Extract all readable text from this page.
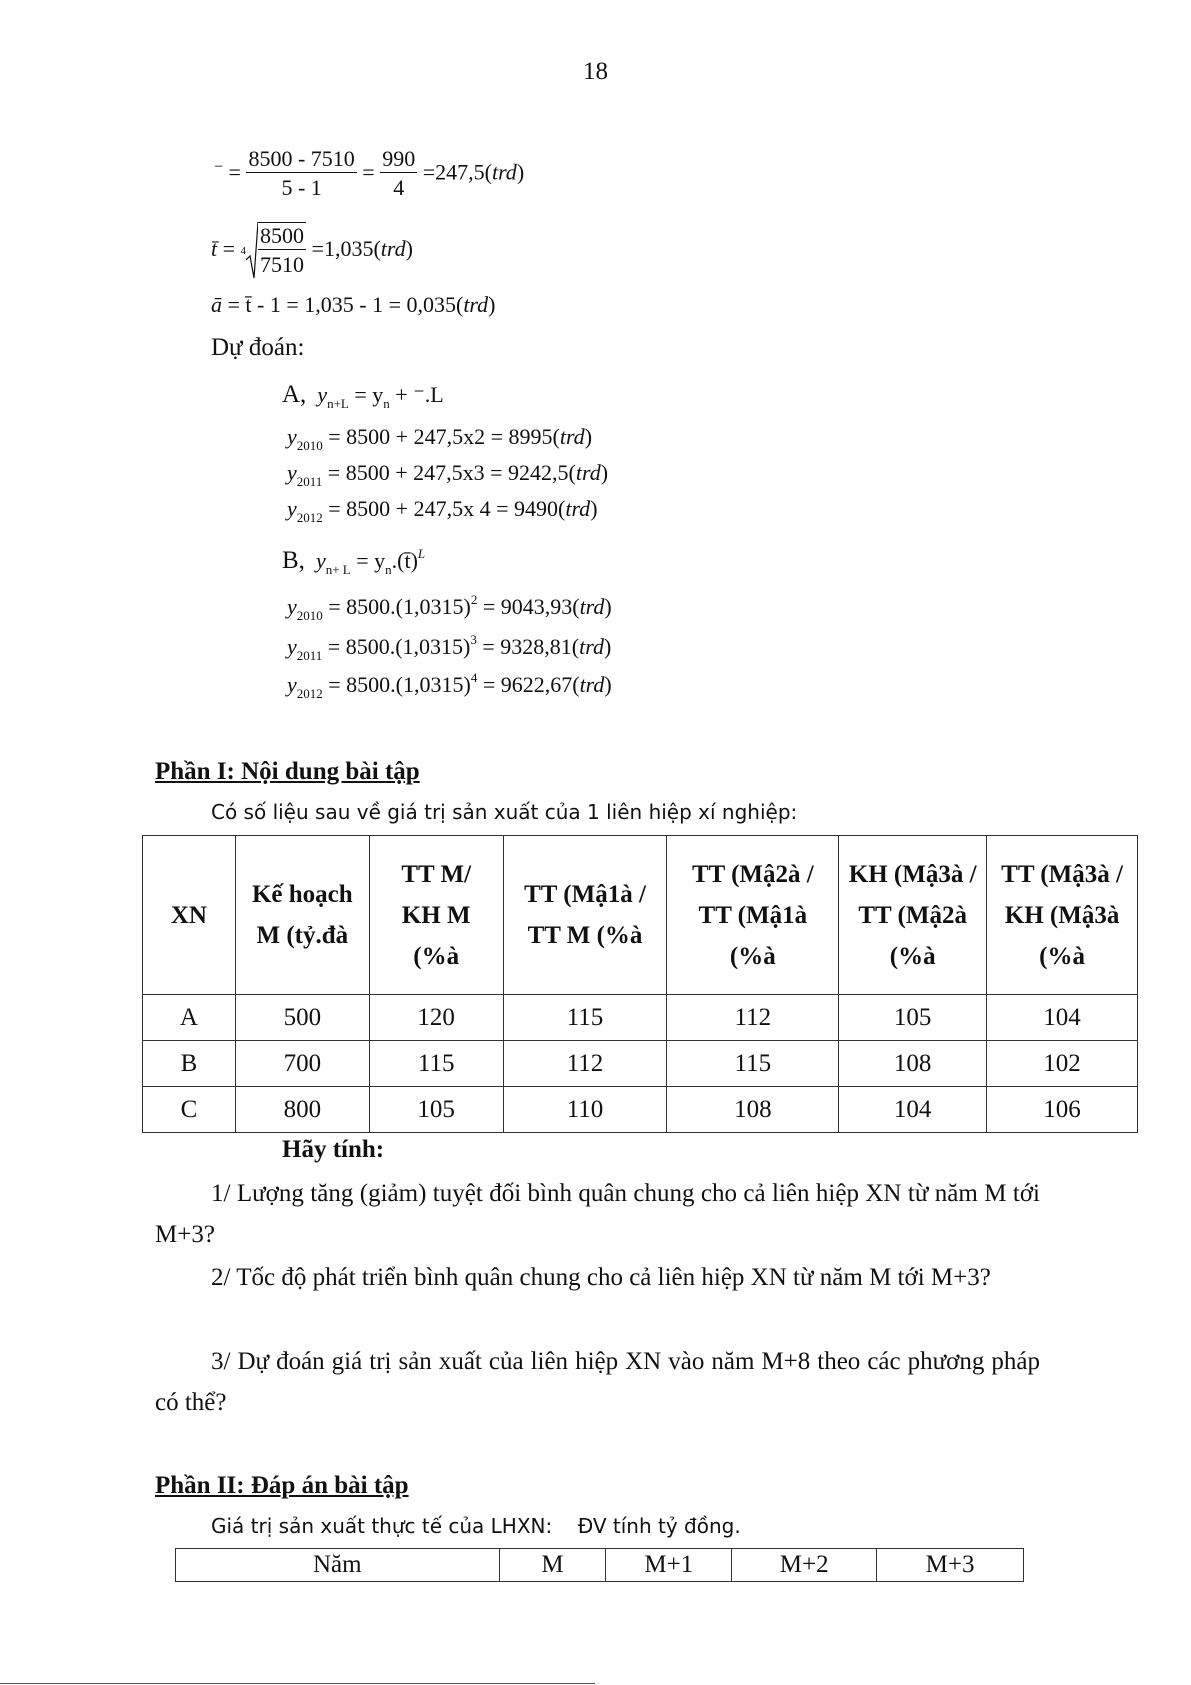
18
$^- = \frac{8500 - 7510}{5 - 1} = \frac{990}{4} =247,5(trd)$
t̄ = $4 \frac{8500}{7510} =1,035(trd)$
ā = t̄ - 1 = 1,035 - 1 = 0,035(trd)
Dự đoán:
A, $y_{n+L} = y_n + ^-.L$
$y_{2010} = 8500 + 247,5x2 = 8995(trd)$
$y_{2011} = 8500 + 247,5x3 = 9242,5(trd)$
$y_{2012} = 8500 + 247,5x$ 4 = 9490(trd)
B, $y_{n+ L}$ = $y_n.(t̄)^L$
$y_{2010} = 8500.(1,0315)^2 = 9043,93(trd)$
$y_{2011} = 8500.(1,0315)^3 = 9328,81(trd)$
$y_{2012} = 8500.(1,0315)^4 = 9622,67(trd)$
Phần I: Nội dung bài tập
Có số liệu sau về giá trị sản xuất của 1 liên hiệp xí nghiệp:
XN	Kế hoạch M (tỷ.đà	TT M/ KH M (%à	TT (Mậ1à / TT M (%à	TT (Mậ2à / TT (Mậ1à (%à	KH (Mậ3à / TT (Mậ2à (%à	TT (Mậ3à / KH (Mậ3à (%à
A	500	120	115	112	105	104
B	700	115	112	115	108	102
C	800	105	110	108	104	106
Hãy tính:
1/ Lượng tăng (giảm) tuyệt đối bình quân chung cho cả liên hiệp XN từ năm M tới M+3?
2/ Tốc độ phát triển bình quân chung cho cả liên hiệp XN từ năm M tới M+3?
3/ Dự đoán giá trị sản xuất của liên hiệp XN vào năm M+8 theo các phương pháp có thể?
Phần II: Đáp án bài tập
Giá trị sản xuất thực tế của LHXN: ĐV tính tỷ đồng.
Năm	M	M+1	M+2	M+3
